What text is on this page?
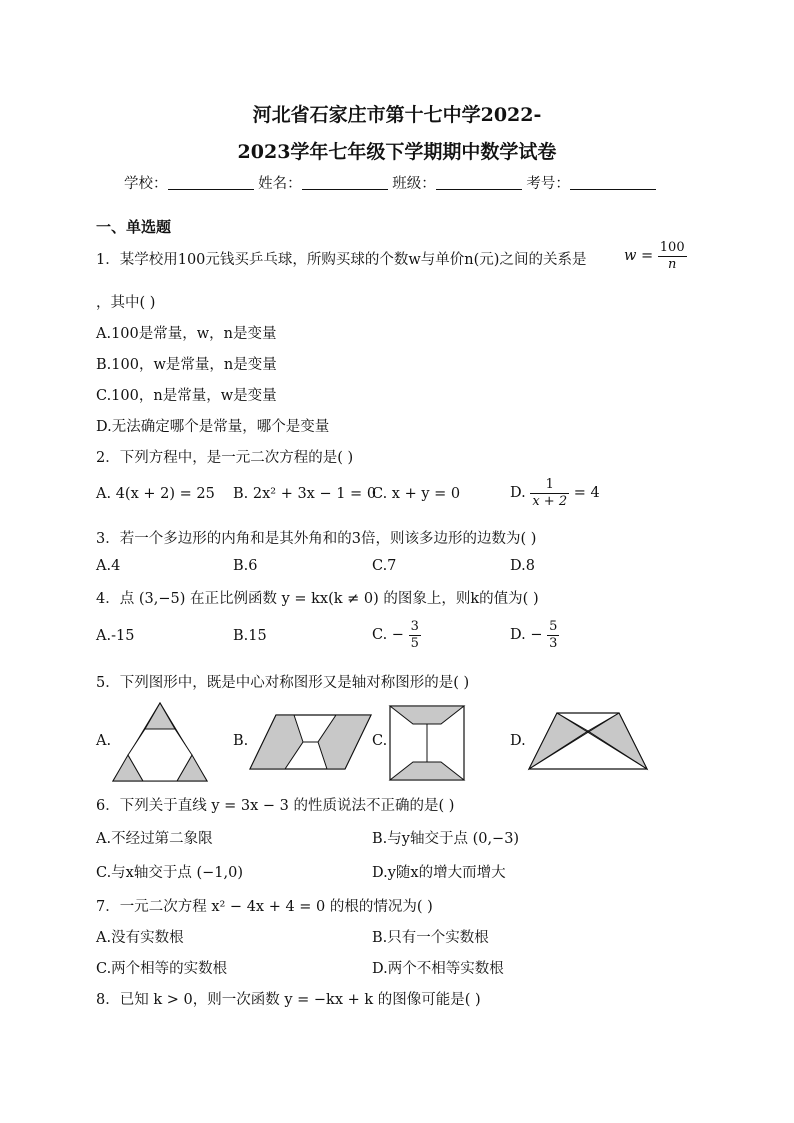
河北省石家庄市第十七中学2022-
2023学年七年级下学期期中数学试卷
学校：	姓名：	班级：	考号：
一、单选题
1．某学校用100元钱买乒乓球，所购买球的个数w与单价n(元)之间的关系是	$w = \frac{100}{n}$
，其中( )
A.100是常量，w，n是变量
B.100，w是常量，n是变量
C.100，n是常量，w是变量
D.无法确定哪个是常量，哪个是变量
2．下列方程中，是一元二次方程的是( )
A. 4(x + 2) = 25 B. 2x² + 3x − 1 = 0
C. x + y = 0	D. $\frac{1}{x + 2} = 4$
3．若一个多边形的内角和是其外角和的3倍，则该多边形的边数为( )
A.4	B.6	C.7	D.8
4．点 (3,−5) 在正比例函数 y = kx(k ≠ 0) 的图象上，则k的值为( )
A.-15	B.15	C. − $\frac{3}{5}$	D. − $\frac{5}{3}$
5．下列图形中，既是中心对称图形又是轴对称图形的是( )
A.	B.	C.	D.
6．下列关于直线 y = 3x − 3 的性质说法不正确的是( )
A.不经过第二象限	B.与y轴交于点 (0,−3)
C.与x轴交于点 (−1,0)	D.y随x的增大而增大
7．一元二次方程 x² − 4x + 4 = 0 的根的情况为( )
A.没有实数根	B.只有一个实数根
C.两个相等的实数根	D.两个不相等实数根
8．已知 k > 0，则一次函数 y = −kx + k 的图像可能是( )
